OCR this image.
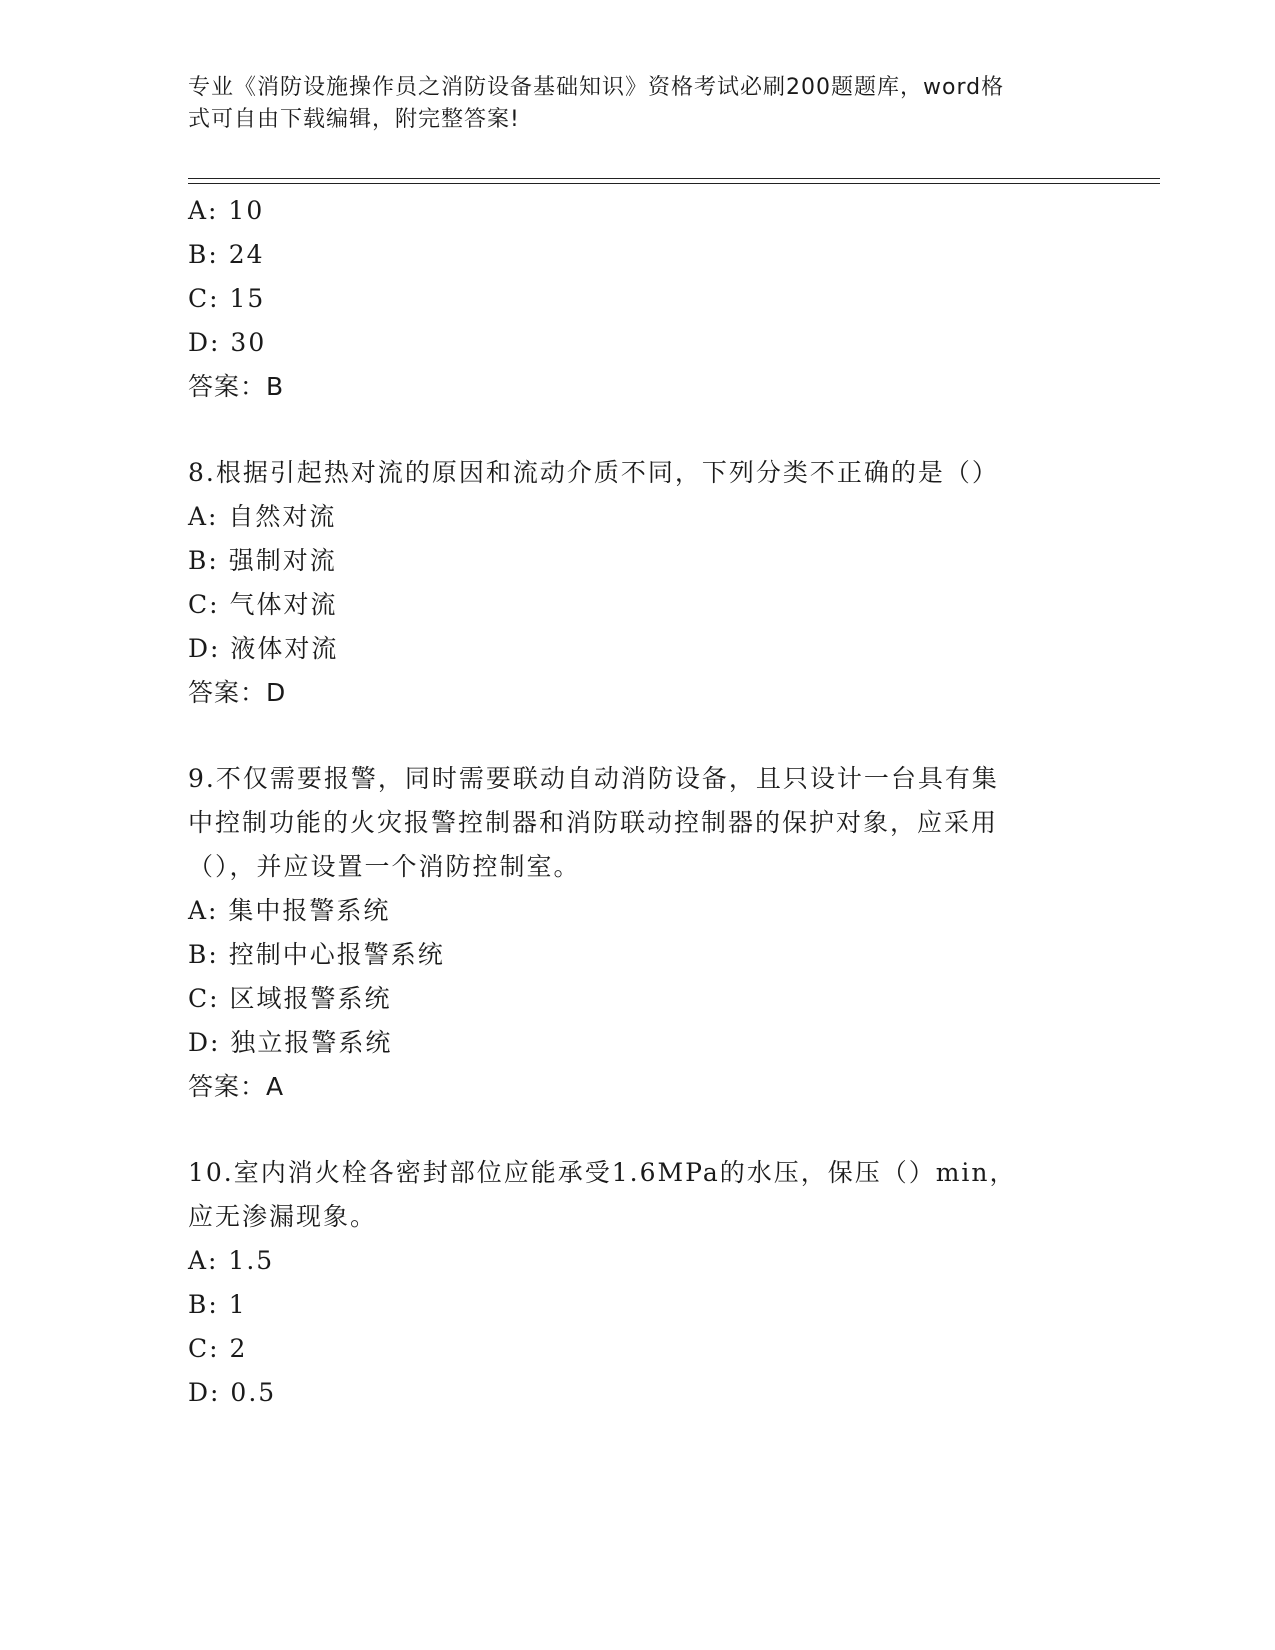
专业《消防设施操作员之消防设备基础知识》资格考试必刷200题题库，word格
式可自由下载编辑，附完整答案!
A: 10
B: 24
C: 15
D: 30
答案：B
8.根据引起热对流的原因和流动介质不同，下列分类不正确的是（）
A: 自然对流
B: 强制对流
C: 气体对流
D: 液体对流
答案：D
9.不仅需要报警，同时需要联动自动消防设备，且只设计一台具有集
中控制功能的火灾报警控制器和消防联动控制器的保护对象，应采用
（），并应设置一个消防控制室。
A: 集中报警系统
B: 控制中心报警系统
C: 区域报警系统
D: 独立报警系统
答案：A
10.室内消火栓各密封部位应能承受1.6MPa的水压，保压（）min，
应无渗漏现象。
A: 1.5
B: 1
C: 2
D: 0.5
